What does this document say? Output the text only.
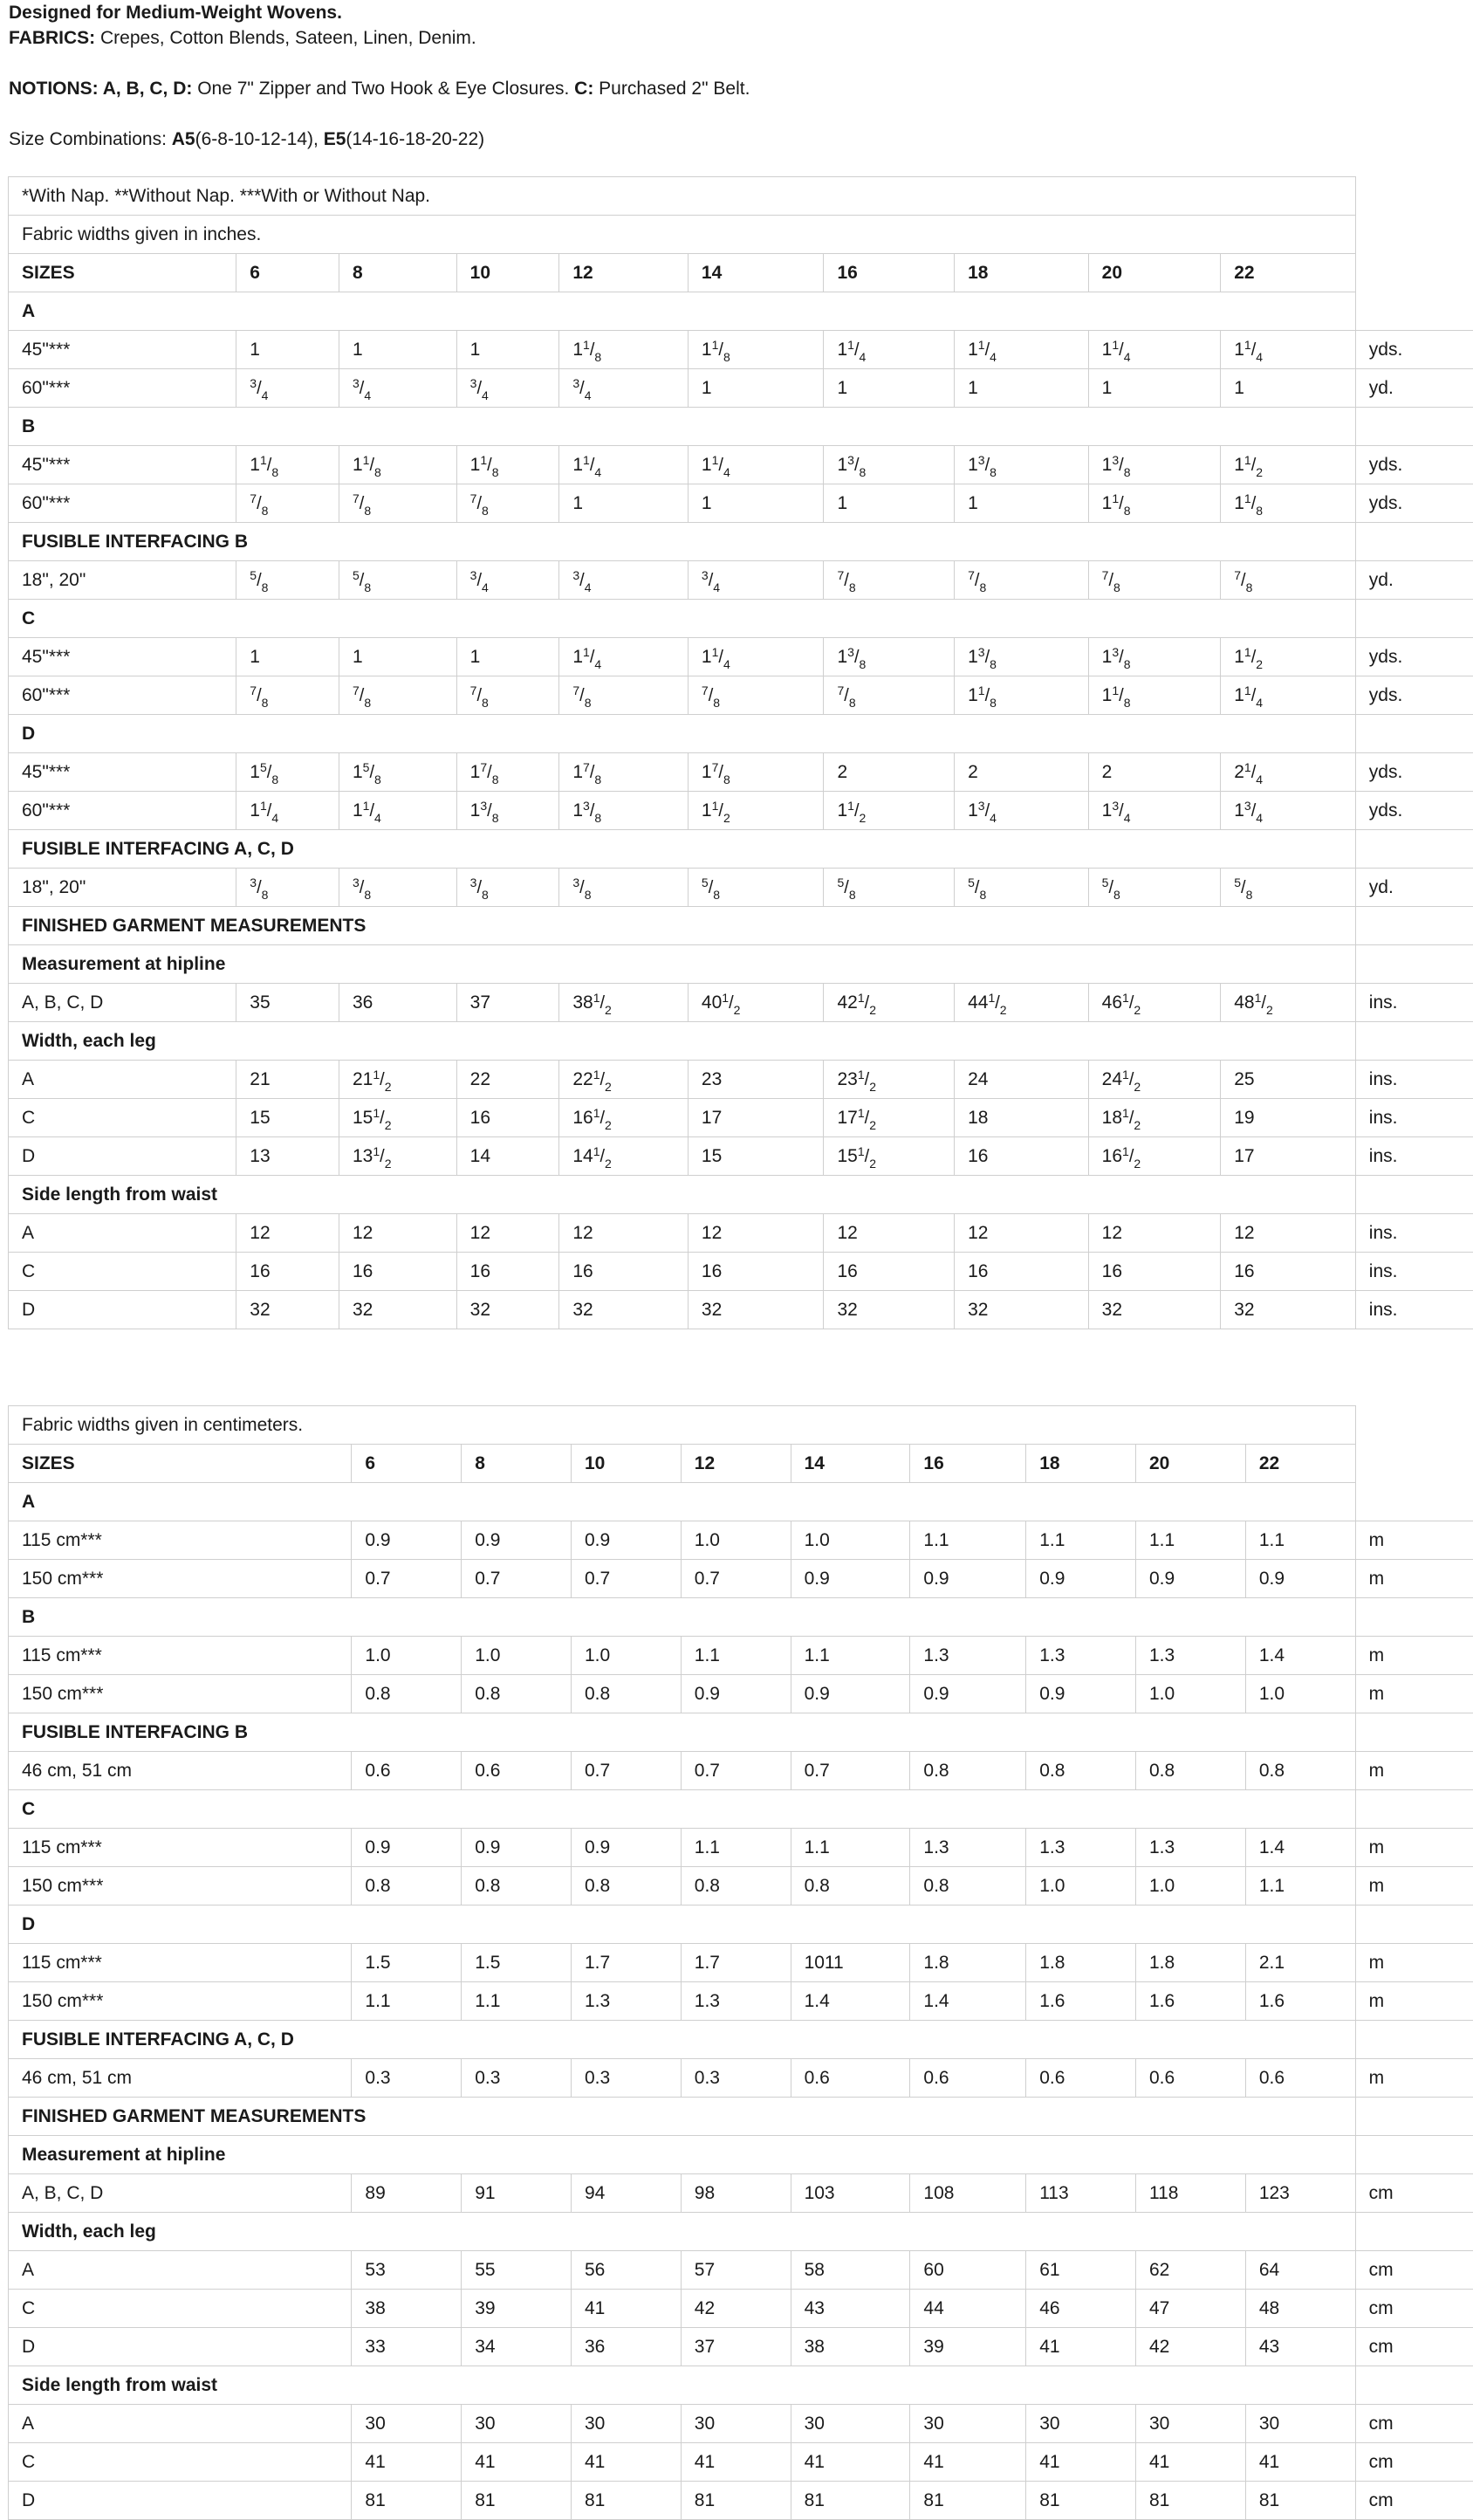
Designed for Medium-Weight Wovens.

FABRICS: Crepes, Cotton Blends, Sateen, Linen, Denim.

NOTIONS: A, B, C, D: One 7" Zipper and Two Hook & Eye Closures. C: Purchased 2" Belt.

Size Combinations: A5(6-8-10-12-14), E5(14-16-18-20-22)

*With Nap. **Without Nap. ***With or Without Nap.										
Fabric widths given in inches.										
SIZES	6	8	10	12	14	16	18	20	22	
A										
45"***	1	1	1	$1^1/_8$	$1^1/_8$	$1^1/_4$	$1^1/_4$	$1^1/_4$	$1^1/_4$	yds.
60"***	$^3/_4$	$^3/_4$	$^3/_4$	$^3/_4$	1	1	1	1	1	yd.
B										
45"***	$1^1/_8$	$1^1/_8$	$1^1/_8$	$1^1/_4$	$1^1/_4$	$1^3/_8$	$1^3/_8$	$1^3/_8$	$1^1/_2$	yds.
60"***	$^7/_8$	$^7/_8$	$^7/_8$	1	1	1	1	$1^1/_8$	$1^1/_8$	yds.
FUSIBLE INTERFACING B										
18", 20"	$^5/_8$	$^5/_8$	$^3/_4$	$^3/_4$	$^3/_4$	$^7/_8$	$^7/_8$	$^7/_8$	$^7/_8$	yd.
C										
45"***	1	1	1	$1^1/_4$	$1^1/_4$	$1^3/_8$	$1^3/_8$	$1^3/_8$	$1^1/_2$	yds.
60"***	$^7/_8$	$^7/_8$	$^7/_8$	$^7/_8$	$^7/_8$	$^7/_8$	$1^1/_8$	$1^1/_8$	$1^1/_4$	yds.
D										
45"***	$1^5/_8$	$1^5/_8$	$1^7/_8$	$1^7/_8$	$1^7/_8$	2	2	2	$2^1/_4$	yds.
60"***	$1^1/_4$	$1^1/_4$	$1^3/_8$	$1^3/_8$	$1^1/_2$	$1^1/_2$	$1^3/_4$	$1^3/_4$	$1^3/_4$	yds.
FUSIBLE INTERFACING A, C, D										
18", 20"	$^3/_8$	$^3/_8$	$^3/_8$	$^3/_8$	$^5/_8$	$^5/_8$	$^5/_8$	$^5/_8$	$^5/_8$	yd.
FINISHED GARMENT MEASUREMENTS										
Measurement at hipline										
A, B, C, D	35	36	37	$38^1/_2$	$40^1/_2$	$42^1/_2$	$44^1/_2$	$46^1/_2$	$48^1/_2$	ins.
Width, each leg										
A	21	$21^1/_2$	22	$22^1/_2$	23	$23^1/_2$	24	$24^1/_2$	25	ins.
C	15	$15^1/_2$	16	$16^1/_2$	17	$17^1/_2$	18	$18^1/_2$	19	ins.
D	13	$13^1/_2$	14	$14^1/_2$	15	$15^1/_2$	16	$16^1/_2$	17	ins.
Side length from waist										
A	12	12	12	12	12	12	12	12	12	ins.
C	16	16	16	16	16	16	16	16	16	ins.
D	32	32	32	32	32	32	32	32	32	ins.
Fabric widths given in centimeters.										
SIZES	6	8	10	12	14	16	18	20	22	
A										
115 cm***	0.9	0.9	0.9	1.0	1.0	1.1	1.1	1.1	1.1	m
150 cm***	0.7	0.7	0.7	0.7	0.9	0.9	0.9	0.9	0.9	m
B										
115 cm***	1.0	1.0	1.0	1.1	1.1	1.3	1.3	1.3	1.4	m
150 cm***	0.8	0.8	0.8	0.9	0.9	0.9	0.9	1.0	1.0	m
FUSIBLE INTERFACING B										
46 cm, 51 cm	0.6	0.6	0.7	0.7	0.7	0.8	0.8	0.8	0.8	m
C										
115 cm***	0.9	0.9	0.9	1.1	1.1	1.3	1.3	1.3	1.4	m
150 cm***	0.8	0.8	0.8	0.8	0.8	0.8	1.0	1.0	1.1	m
D										
115 cm***	1.5	1.5	1.7	1.7	1011	1.8	1.8	1.8	2.1	m
150 cm***	1.1	1.1	1.3	1.3	1.4	1.4	1.6	1.6	1.6	m
FUSIBLE INTERFACING A, C, D										
46 cm, 51 cm	0.3	0.3	0.3	0.3	0.6	0.6	0.6	0.6	0.6	m
FINISHED GARMENT MEASUREMENTS										
Measurement at hipline										
A, B, C, D	89	91	94	98	103	108	113	118	123	cm
Width, each leg										
A	53	55	56	57	58	60	61	62	64	cm
C	38	39	41	42	43	44	46	47	48	cm
D	33	34	36	37	38	39	41	42	43	cm
Side length from waist										
A	30	30	30	30	30	30	30	30	30	cm
C	41	41	41	41	41	41	41	41	41	cm
D	81	81	81	81	81	81	81	81	81	cm
